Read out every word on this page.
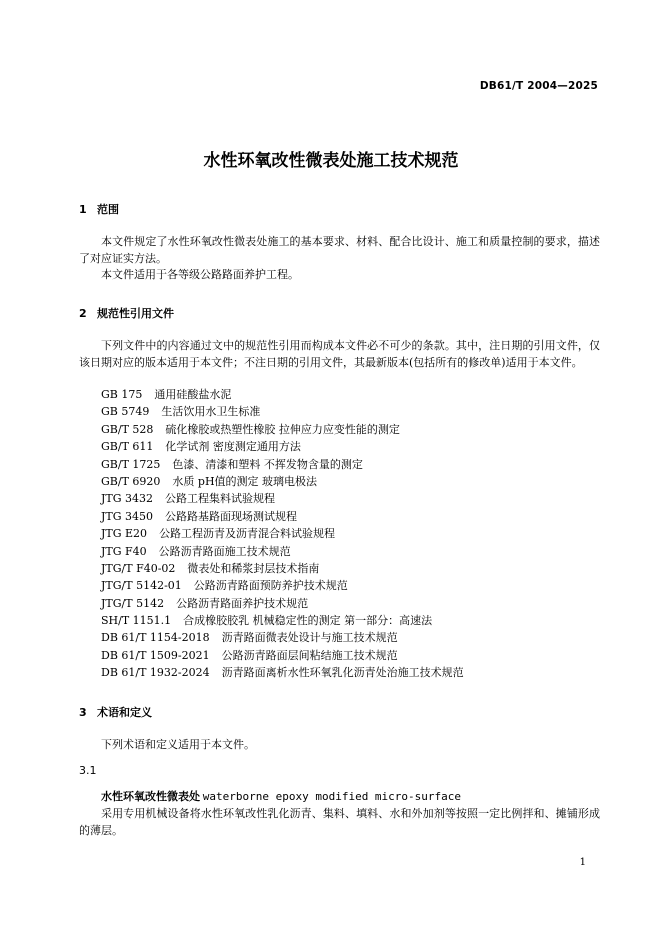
DB61/T 2004—2025
水性环氧改性微表处施工技术规范
1 范围
本文件规定了水性环氧改性微表处施工的基本要求、材料、配合比设计、施工和质量控制的要求，描述了对应证实方法。
本文件适用于各等级公路路面养护工程。
2 规范性引用文件
下列文件中的内容通过文中的规范性引用而构成本文件必不可少的条款。其中，注日期的引用文件，仅该日期对应的版本适用于本文件；不注日期的引用文件，其最新版本(包括所有的修改单)适用于本文件。
GB 175 通用硅酸盐水泥
GB 5749 生活饮用水卫生标准
GB/T 528 硫化橡胶或热塑性橡胶 拉伸应力应变性能的测定
GB/T 611 化学试剂 密度测定通用方法
GB/T 1725 色漆、清漆和塑料 不挥发物含量的测定
GB/T 6920 水质 pH值的测定 玻璃电极法
JTG 3432 公路工程集料试验规程
JTG 3450 公路路基路面现场测试规程
JTG E20 公路工程沥青及沥青混合料试验规程
JTG F40 公路沥青路面施工技术规范
JTG/T F40-02 微表处和稀浆封层技术指南
JTG/T 5142-01 公路沥青路面预防养护技术规范
JTG/T 5142 公路沥青路面养护技术规范
SH/T 1151.1 合成橡胶胶乳 机械稳定性的测定 第一部分：高速法
DB 61/T 1154-2018 沥青路面微表处设计与施工技术规范
DB 61/T 1509-2021 公路沥青路面层间粘结施工技术规范
DB 61/T 1932-2024 沥青路面离析水性环氧乳化沥青处治施工技术规范
3 术语和定义
下列术语和定义适用于本文件。
3.1
水性环氧改性微表处 waterborne epoxy modified micro-surface
采用专用机械设备将水性环氧改性乳化沥青、集料、填料、水和外加剂等按照一定比例拌和、摊铺形成的薄层。
1
